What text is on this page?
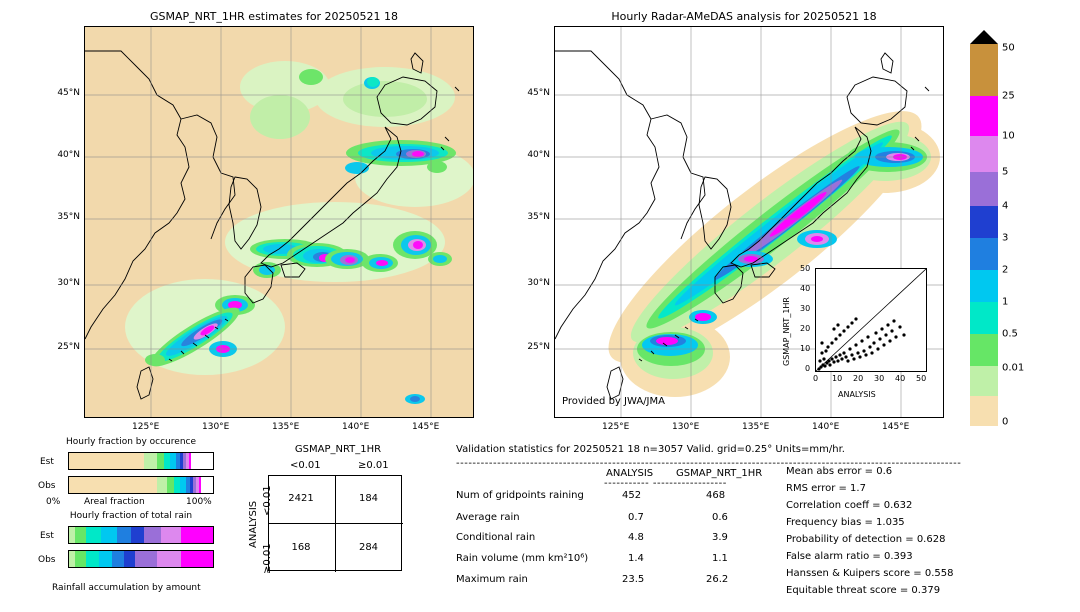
GSMAP_NRT_1HR estimates for 20250521 18
45°N
40°N
35°N
30°N
25°N
125°E	130°E	135°E	140°E	145°E
Hourly Radar-AMeDAS analysis for 20250521 18
Provided by JWA/JMA
45°N
40°N
35°N
30°N
25°N
125°E	130°E	135°E	140°E	145°E
ANALYSIS
GSMAP_NRT_1HR
50
40
30
20
10
0
0 10 20 30 40 50
50
25
10
5
4
3
2
1
0.5
0.01
0
Hourly fraction by occurence
Est
Obs
0%	Areal fraction	100%
Hourly fraction of total rain
Est
Obs
Rainfall accumulation by amount
GSMAP_NRT_1HR
<0.01	≥0.01
ANALYSIS
<0.01
≥0.01
2421	184
168	284
Validation statistics for 20250521 18 n=3057 Valid. grid=0.25° Units=mm/hr.
---------------------------------------------------------------------------------------------------------------------------
ANALYSIS GSMAP_NRT_1HR
----------- ------------------
Num of gridpoints raining	452	468
Average rain	0.7	0.6
Conditional rain	4.8	3.9
Rain volume (mm km²10⁶)	1.4	1.1
Maximum rain	23.5	26.2
Mean abs error = 0.6
RMS error = 1.7
Correlation coeff = 0.632
Frequency bias = 1.035
Probability of detection = 0.628
False alarm ratio = 0.393
Hanssen & Kuipers score = 0.558
Equitable threat score = 0.379
